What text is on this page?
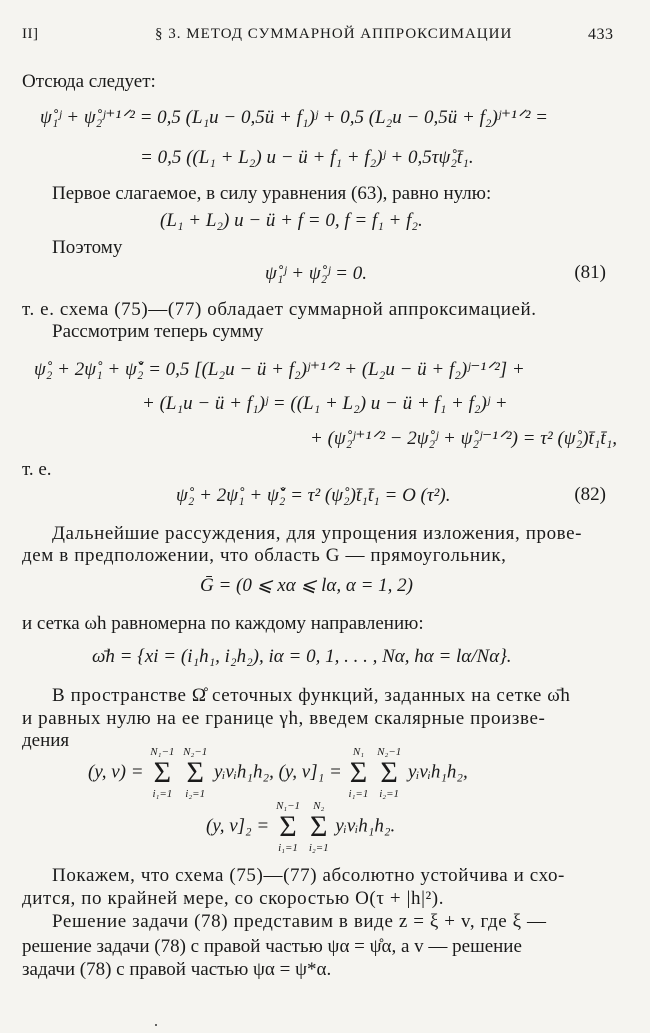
II]	§ 3. МЕТОД СУММАРНОЙ АППРОКСИМАЦИИ	433
Отсюда следует:
ψ̊₁ʲ + ψ̊₂ʲ⁺¹ᐟ² = 0,5 (L₁u − 0,5ü + f₁)ʲ + 0,5 (L₂u − 0,5ü + f₂)ʲ⁺¹ᐟ² =
= 0,5 ((L₁ + L₂) u − ü + f₁ + f₂)ʲ + 0,5τψ̊₂t̄₁.
Первое слагаемое, в силу уравнения (63), равно нулю:
(L₁ + L₂) u − ü + f = 0, f = f₁ + f₂.
Поэтому
ψ̊₁ʲ + ψ̊₂ʲ = 0.	(81)
т. е. схема (75)—(77) обладает суммарной аппроксимацией.
Рассмотрим теперь сумму
ψ̊₂ + 2ψ̊₁ + ψ̊̌₂ = 0,5 [(L₂u − ü + f₂)ʲ⁺¹ᐟ² + (L₂u − ü + f₂)ʲ⁻¹ᐟ²] +
+ (L₁u − ü + f₁)ʲ = ((L₁ + L₂) u − ü + f₁ + f₂)ʲ +
+ (ψ̊₂ʲ⁺¹ᐟ² − 2ψ̊₂ʲ + ψ̊₂ʲ⁻¹ᐟ²) = τ² (ψ̊₂)t̄₁t̄₁,
т. е.
ψ̊₂ + 2ψ̊₁ + ψ̊̌₂ = τ² (ψ̊₂)t̄₁t̄₁ = O (τ²).	(82)
Дальнейшие рассуждения, для упрощения изложения, прове-
дем в предположении, что область G — прямоугольник,
Ḡ = (0 ⩽ xα ⩽ lα, α = 1, 2)
и сетка ωh равномерна по каждому направлению:
ω̄h = {xi = (i₁h₁, i₂h₂), iα = 0, 1, . . . , Nα, hα = lα/Nα}.
В пространстве Ω̊ сеточных функций, заданных на сетке ω̄h
и равных нулю на ее границе γh, введем скалярные произве-
дения
(y, v) =
N₁−1
Σ
i₁=1

N₂−1
Σ
i₂=1
yᵢvᵢh₁h₂, (y, v]₁ =
N₁
Σ
i₁=1

N₂−1
Σ
i₂=1
yᵢvᵢh₁h₂,
(y, v]₂ =
N₁−1
Σ
i₁=1

N₂
Σ
i₂=1
yᵢvᵢh₁h₂.
Покажем, что схема (75)—(77) абсолютно устойчива и схо-
дится, по крайней мере, со скоростью O(τ + |h|²).
Решение задачи (78) представим в виде z = ξ + v, где ξ —
решение задачи (78) с правой частью ψα = ψ̊α, а v — решение
задачи (78) с правой частью ψα = ψ*α.
